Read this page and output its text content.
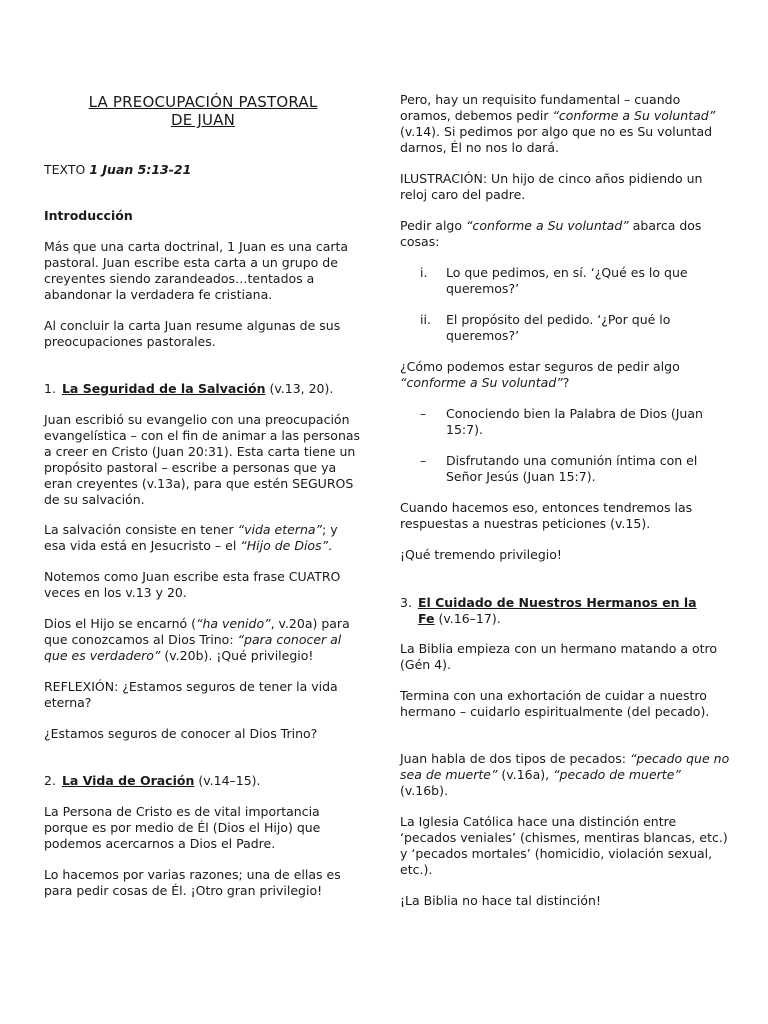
LA PREOCUPACIÓN PASTORAL
DE JUAN

TEXTO 1 Juan 5:13-21

Introducción

Más que una carta doctrinal, 1 Juan es una carta pastoral. Juan escribe esta carta a un grupo de creyentes siendo zarandeados…tentados a abandonar la verdadera fe cristiana.

Al concluir la carta Juan resume algunas de sus preocupaciones pastorales.

1. La Seguridad de la Salvación (v.13, 20).

Juan escribió su evangelio con una preocupación evangelística – con el fin de animar a las personas a creer en Cristo (Juan 20:31). Esta carta tiene un propósito pastoral – escribe a personas que ya eran creyentes (v.13a), para que estén SEGUROS de su salvación.

La salvación consiste en tener “vida eterna”; y esa vida está en Jesucristo – el “Hijo de Dios”.

Notemos como Juan escribe esta frase CUATRO veces en los v.13 y 20.

Dios el Hijo se encarnó (“ha venido”, v.20a) para que conozcamos al Dios Trino: “para conocer al que es verdadero” (v.20b). ¡Qué privilegio!

REFLEXIÓN: ¿Estamos seguros de tener la vida eterna?

¿Estamos seguros de conocer al Dios Trino?

2. La Vida de Oración (v.14–15).

La Persona de Cristo es de vital importancia porque es por medio de Él (Dios el Hijo) que podemos acercarnos a Dios el Padre.

Lo hacemos por varias razones; una de ellas es para pedir cosas de Él. ¡Otro gran privilegio!

Pero, hay un requisito fundamental – cuando oramos, debemos pedir “conforme a Su voluntad” (v.14). Si pedimos por algo que no es Su voluntad darnos, Él no nos lo dará.

ILUSTRACIÓN: Un hijo de cinco años pidiendo un reloj caro del padre.

Pedir algo “conforme a Su voluntad” abarca dos cosas:

i.	Lo que pedimos, en sí. ‘¿Qué es lo que queremos?’
ii.	El propósito del pedido. ‘¿Por qué lo queremos?’

¿Cómo podemos estar seguros de pedir algo “conforme a Su voluntad”?

–	Conociendo bien la Palabra de Dios (Juan 15:7).
–	Disfrutando una comunión íntima con el Señor Jesús (Juan 15:7).

Cuando hacemos eso, entonces tendremos las respuestas a nuestras peticiones (v.15).

¡Qué tremendo privilegio!

3. El Cuidado de Nuestros Hermanos en la
Fe (v.16–17).

La Biblia empieza con un hermano matando a otro (Gén 4).

Termina con una exhortación de cuidar a nuestro hermano – cuidarlo espiritualmente (del pecado).

Juan habla de dos tipos de pecados: “pecado que no sea de muerte” (v.16a), “pecado de muerte” (v.16b).

La Iglesia Católica hace una distinción entre ‘pecados veniales’ (chismes, mentiras blancas, etc.) y ‘pecados mortales’ (homicidio, violación sexual, etc.).

¡La Biblia no hace tal distinción!
